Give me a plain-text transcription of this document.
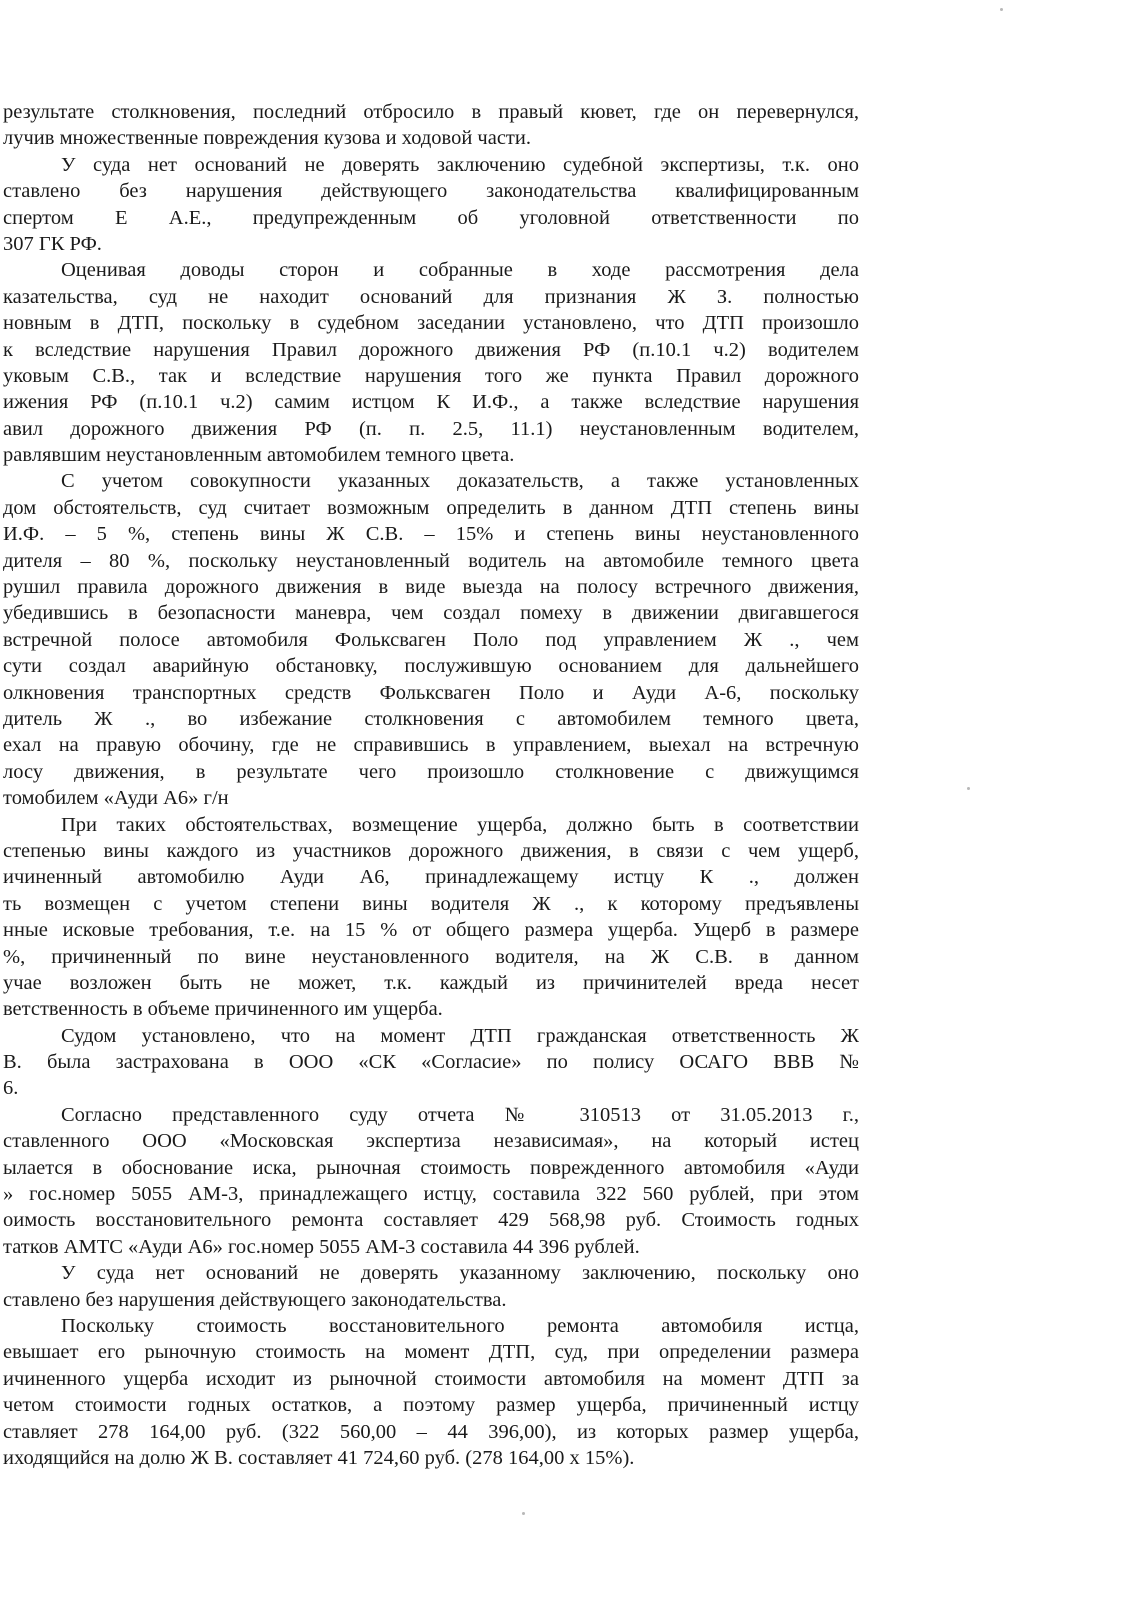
результате столкновения, последний отбросило в правый кювет, где он перевернулся,
лучив множественные повреждения кузова и ходовой части.
У суда нет оснований не доверять заключению судебной экспертизы, т.к. оно
ставлено без нарушения действующего законодательства квалифицированным
спертом Е А.Е., предупрежденным об уголовной ответственности по
307 ГК РФ.
Оценивая доводы сторон и собранные в ходе рассмотрения дела
казательства, суд не находит оснований для признания Ж З. полностью
новным в ДТП, поскольку в судебном заседании установлено, что ДТП произошло
к вследствие нарушения Правил дорожного движения РФ (п.10.1 ч.2) водителем
уковым С.В., так и вследствие нарушения того же пункта Правил дорожного
ижения РФ (п.10.1 ч.2) самим истцом К И.Ф., а также вследствие нарушения
авил дорожного движения РФ (п. п. 2.5, 11.1) неустановленным водителем,
равлявшим неустановленным автомобилем темного цвета.
С учетом совокупности указанных доказательств, а также установленных
дом обстоятельств, суд считает возможным определить в данном ДТП степень вины
И.Ф. – 5 %, степень вины Ж С.В. – 15% и степень вины неустановленного
дителя – 80 %, поскольку неустановленный водитель на автомобиле темного цвета
рушил правила дорожного движения в виде выезда на полосу встречного движения,
убедившись в безопасности маневра, чем создал помеху в движении двигавшегося
встречной полосе автомобиля Фольксваген Поло под управлением Ж ., чем
сути создал аварийную обстановку, послужившую основанием для дальнейшего
олкновения транспортных средств Фольксваген Поло и Ауди А-6, поскольку
дитель Ж ., во избежание столкновения с автомобилем темного цвета,
ехал на правую обочину, где не справившись в управлением, выехал на встречную
лосу движения, в результате чего произошло столкновение с движущимся
томобилем «Ауди А6» г/н
При таких обстоятельствах, возмещение ущерба, должно быть в соответствии
степенью вины каждого из участников дорожного движения, в связи с чем ущерб,
ичиненный автомобилю Ауди А6, принадлежащему истцу К ., должен
ть возмещен с учетом степени вины водителя Ж ., к которому предъявлены
нные исковые требования, т.е. на 15 % от общего размера ущерба. Ущерб в размере
%, причиненный по вине неустановленного водителя, на Ж С.В. в данном
учае возложен быть не может, т.к. каждый из причинителей вреда несет
ветственность в объеме причиненного им ущерба.
Судом установлено, что на момент ДТП гражданская ответственность Ж
В. была застрахована в ООО «СК «Согласие» по полису ОСАГО ВВВ №
6.
Согласно представленного суду отчета № 310513 от 31.05.2013 г.,
ставленного ООО «Московская экспертиза независимая», на который истец
ылается в обоснование иска, рыночная стоимость поврежденного автомобиля «Ауди
» гос.номер 5055 АМ-3, принадлежащего истцу, составила 322 560 рублей, при этом
оимость восстановительного ремонта составляет 429 568,98 руб. Стоимость годных
татков АМТС «Ауди А6» гос.номер 5055 АМ-3 составила 44 396 рублей.
У суда нет оснований не доверять указанному заключению, поскольку оно
ставлено без нарушения действующего законодательства.
Поскольку стоимость восстановительного ремонта автомобиля истца,
евышает его рыночную стоимость на момент ДТП, суд, при определении размера
ичиненного ущерба исходит из рыночной стоимости автомобиля на момент ДТП за
четом стоимости годных остатков, а поэтому размер ущерба, причиненный истцу
ставляет 278 164,00 руб. (322 560,00 – 44 396,00), из которых размер ущерба,
иходящийся на долю Ж В. составляет 41 724,60 руб. (278 164,00 х 15%).
